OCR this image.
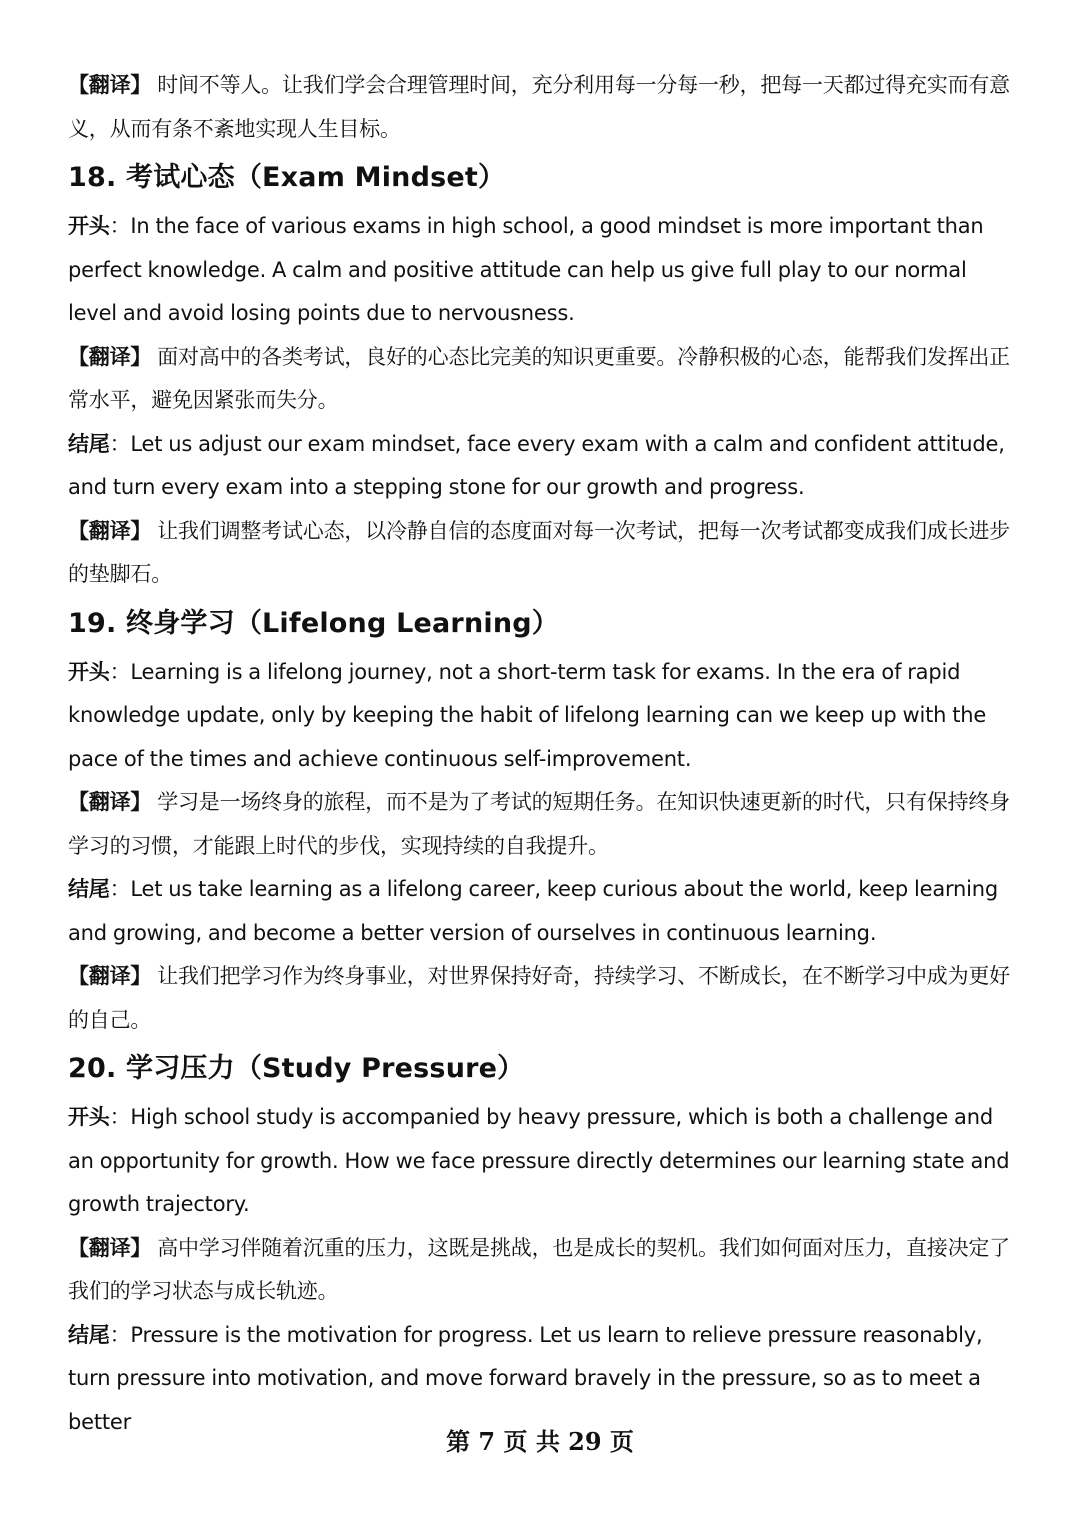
【翻译】 时间不等人。让我们学会合理管理时间，充分利用每一分每一秒，把每一天都过得充实而有意义，从而有条不紊地实现人生目标。

18. 考试心态（Exam Mindset）

开头：In the face of various exams in high school, a good mindset is more important than perfect knowledge. A calm and positive attitude can help us give full play to our normal level and avoid losing points due to nervousness.

【翻译】 面对高中的各类考试，良好的心态比完美的知识更重要。冷静积极的心态，能帮我们发挥出正常水平，避免因紧张而失分。

结尾：Let us adjust our exam mindset, face every exam with a calm and confident attitude, and turn every exam into a stepping stone for our growth and progress.

【翻译】 让我们调整考试心态，以冷静自信的态度面对每一次考试，把每一次考试都变成我们成长进步的垫脚石。

19. 终身学习（Lifelong Learning）

开头：Learning is a lifelong journey, not a short-term task for exams. In the era of rapid knowledge update, only by keeping the habit of lifelong learning can we keep up with the pace of the times and achieve continuous self-improvement.

【翻译】 学习是一场终身的旅程，而不是为了考试的短期任务。在知识快速更新的时代，只有保持终身学习的习惯，才能跟上时代的步伐，实现持续的自我提升。

结尾：Let us take learning as a lifelong career, keep curious about the world, keep learning and growing, and become a better version of ourselves in continuous learning.

【翻译】 让我们把学习作为终身事业，对世界保持好奇，持续学习、不断成长，在不断学习中成为更好的自己。

20. 学习压力（Study Pressure）

开头：High school study is accompanied by heavy pressure, which is both a challenge and an opportunity for growth. How we face pressure directly determines our learning state and growth trajectory.

【翻译】 高中学习伴随着沉重的压力，这既是挑战，也是成长的契机。我们如何面对压力，直接决定了我们的学习状态与成长轨迹。

结尾：Pressure is the motivation for progress. Let us learn to relieve pressure reasonably, turn pressure into motivation, and move forward bravely in the pressure, so as to meet a better

第 7 页 共 29 页
